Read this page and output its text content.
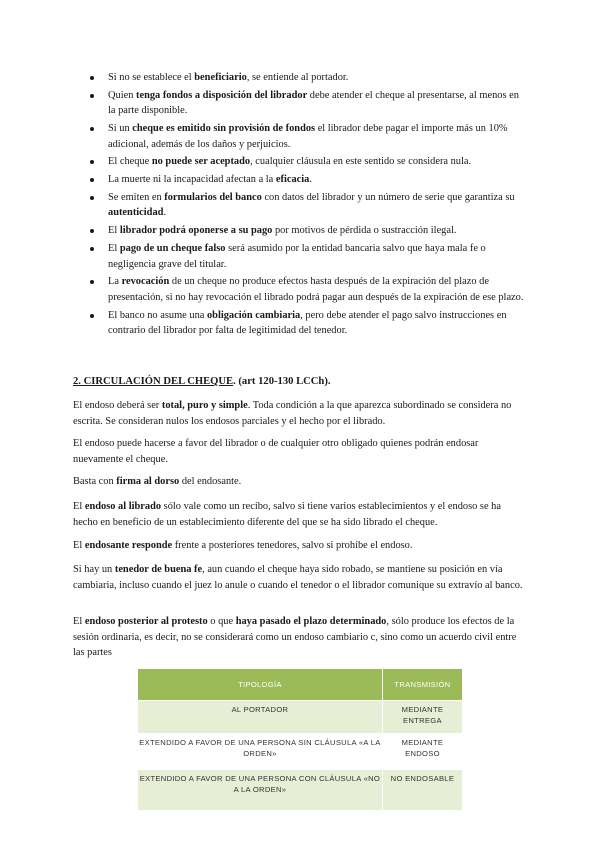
Si no se establece el beneficiario, se entiende al portador.
Quien tenga fondos a disposición del librador debe atender el cheque al presentarse, al menos en la parte disponible.
Si un cheque es emitido sin provisión de fondos el librador debe pagar el importe más un 10% adicional, además de los daños y perjuicios.
El cheque no puede ser aceptado, cualquier cláusula en este sentido se considera nula.
La muerte ni la incapacidad afectan a la eficacia.
Se emiten en formularios del banco con datos del librador y un número de serie que garantiza su autenticidad.
El librador podrá oponerse a su pago por motivos de pérdida o sustracción ilegal.
El pago de un cheque falso será asumido por la entidad bancaria salvo que haya mala fe o negligencia grave del titular.
La revocación de un cheque no produce efectos hasta después de la expiración del plazo de presentación, si no hay revocación el librado podrá pagar aun después de la expiración de ese plazo.
El banco no asume una obligación cambiaria, pero debe atender el pago salvo instrucciones en contrario del librador por falta de legitimidad del tenedor.
2. CIRCULACIÓN DEL CHEQUE. (art 120-130 LCCh).

El endoso deberá ser total, puro y simple. Toda condición a la que aparezca subordinado se considera no escrita. Se consideran nulos los endosos parciales y el hecho por el librado.

El endoso puede hacerse a favor del librador o de cualquier otro obligado quienes podrán endosar nuevamente el cheque.

Basta con firma al dorso del endosante.

El endoso al librado sólo vale como un recibo, salvo si tiene varios establecimientos y el endoso se ha hecho en beneficio de un establecimiento diferente del que se ha sido librado el cheque.

El endosante responde frente a posteriores tenedores, salvo si prohíbe el endoso.

Si hay un tenedor de buena fe, aun cuando el cheque haya sido robado, se mantiene su posición en vía cambiaria, incluso cuando el juez lo anule o cuando el tenedor o el librador comunique su extravío al banco.

El endoso posterior al protesto o que haya pasado el plazo determinado, sólo produce los efectos de la sesión ordinaria, es decir, no se considerará como un endoso cambiario c, sino como un acuerdo civil entre las partes

TIPOLOGÍA	TRANSMISIÓN
AL PORTADOR	MEDIANTE ENTREGA
EXTENDIDO A FAVOR DE UNA PERSONA SIN CLÁUSULA «A LA ORDEN»	MEDIANTE ENDOSO
EXTENDIDO A FAVOR DE UNA PERSONA CON CLÁUSULA «NO A LA ORDEN»	NO ENDOSABLE
